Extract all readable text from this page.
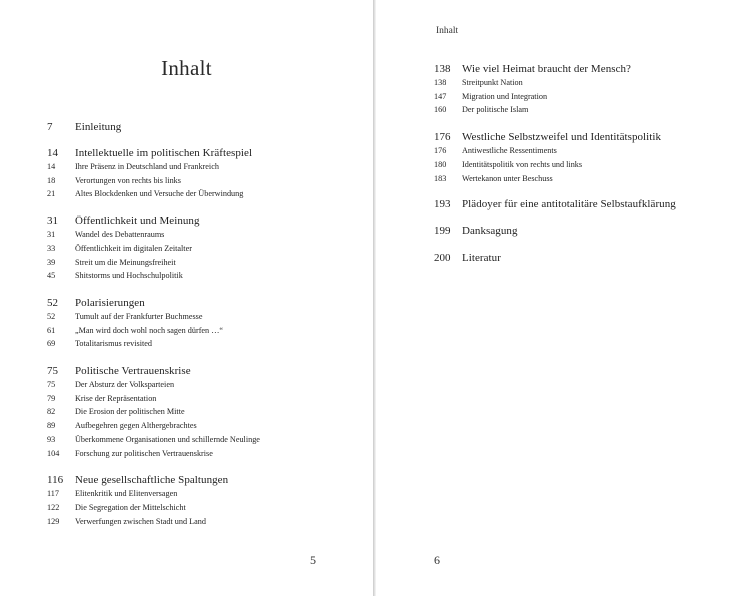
Inhalt
7	Einleitung
14	Intellektuelle im politischen Kräftespiel
14	Ihre Präsenz in Deutschland und Frankreich
18	Verortungen von rechts bis links
21	Altes Blockdenken und Versuche der Überwindung
31	Öffentlichkeit und Meinung
31	Wandel des Debattenraums
33	Öffentlichkeit im digitalen Zeitalter
39	Streit um die Meinungsfreiheit
45	Shitstorms und Hochschulpolitik
52	Polarisierungen
52	Tumult auf der Frankfurter Buchmesse
61	„Man wird doch wohl noch sagen dürfen …“
69	Totalitarismus revisited
75	Politische Vertrauenskrise
75	Der Absturz der Volksparteien
79	Krise der Repräsentation
82	Die Erosion der politischen Mitte
89	Aufbegehren gegen Althergebrachtes
93	Überkommene Organisationen und schillernde Neulinge
104	Forschung zur politischen Vertrauenskrise
116	Neue gesellschaftliche Spaltungen
117	Elitenkritik und Elitenversagen
122	Die Segregation der Mittelschicht
129	Verwerfungen zwischen Stadt und Land
5
Inhalt
138	Wie viel Heimat braucht der Mensch?
138	Streitpunkt Nation
147	Migration und Integration
160	Der politische Islam
176	Westliche Selbstzweifel und Identitätspolitik
176	Antiwestliche Ressentiments
180	Identitätspolitik von rechts und links
183	Wertekanon unter Beschuss
193	Plädoyer für eine antitotalitäre Selbstaufklärung
199	Danksagung
200	Literatur
6
